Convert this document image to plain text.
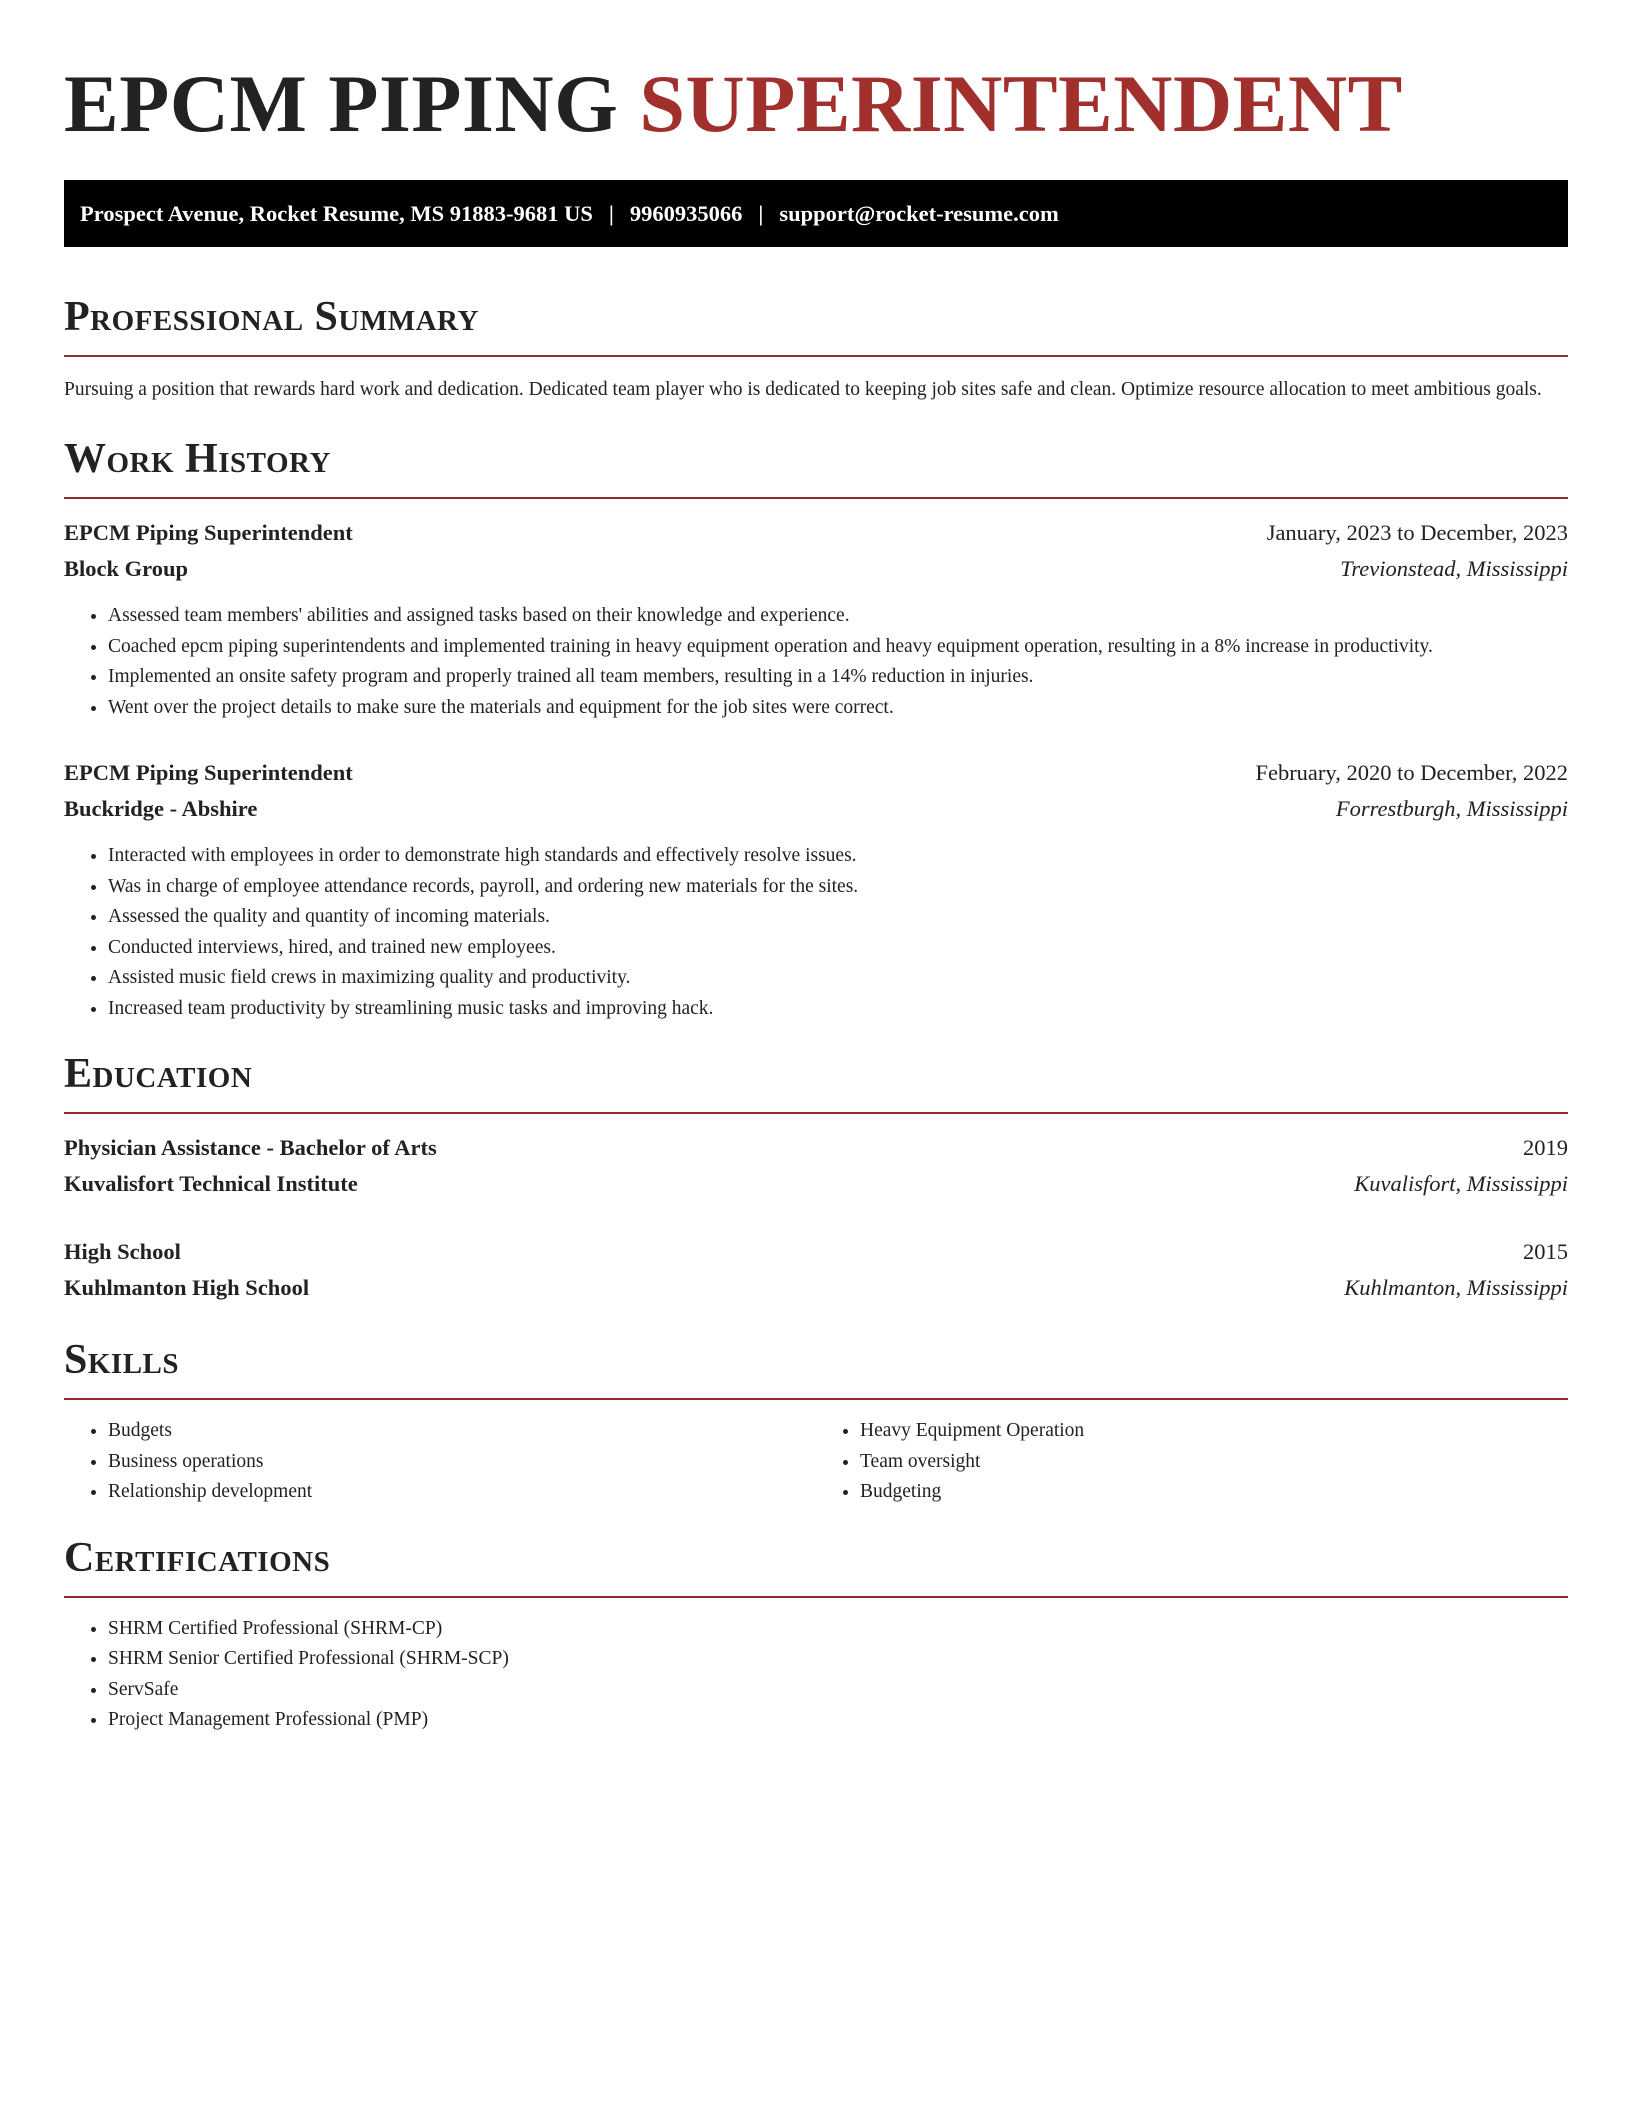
EPCM PIPING SUPERINTENDENT
Prospect Avenue, Rocket Resume, MS 91883-9681 US | 9960935066 | support@rocket-resume.com
Professional Summary

Pursuing a position that rewards hard work and dedication. Dedicated team player who is dedicated to keeping job sites safe and clean. Optimize resource allocation to meet ambitious goals.

Work History
EPCM Piping Superintendent	January, 2023 to December, 2023
Block Group	Trevionstead, Mississippi
• Assessed team members' abilities and assigned tasks based on their knowledge and experience.
• Coached epcm piping superintendents and implemented training in heavy equipment operation and heavy equipment operation, resulting in a 8% increase in productivity.
• Implemented an onsite safety program and properly trained all team members, resulting in a 14% reduction in injuries.
• Went over the project details to make sure the materials and equipment for the job sites were correct.
EPCM Piping Superintendent	February, 2020 to December, 2022
Buckridge - Abshire	Forrestburgh, Mississippi
• Interacted with employees in order to demonstrate high standards and effectively resolve issues.
• Was in charge of employee attendance records, payroll, and ordering new materials for the sites.
• Assessed the quality and quantity of incoming materials.
• Conducted interviews, hired, and trained new employees.
• Assisted music field crews in maximizing quality and productivity.
• Increased team productivity by streamlining music tasks and improving hack.
Education
Physician Assistance - Bachelor of Arts	2019
Kuvalisfort Technical Institute	Kuvalisfort, Mississippi
High School	2015
Kuhlmanton High School	Kuhlmanton, Mississippi
Skills
• Budgets
• Business operations
• Relationship development
• Heavy Equipment Operation
• Team oversight
• Budgeting
Certifications
• SHRM Certified Professional (SHRM-CP)
• SHRM Senior Certified Professional (SHRM-SCP)
• ServSafe
• Project Management Professional (PMP)
